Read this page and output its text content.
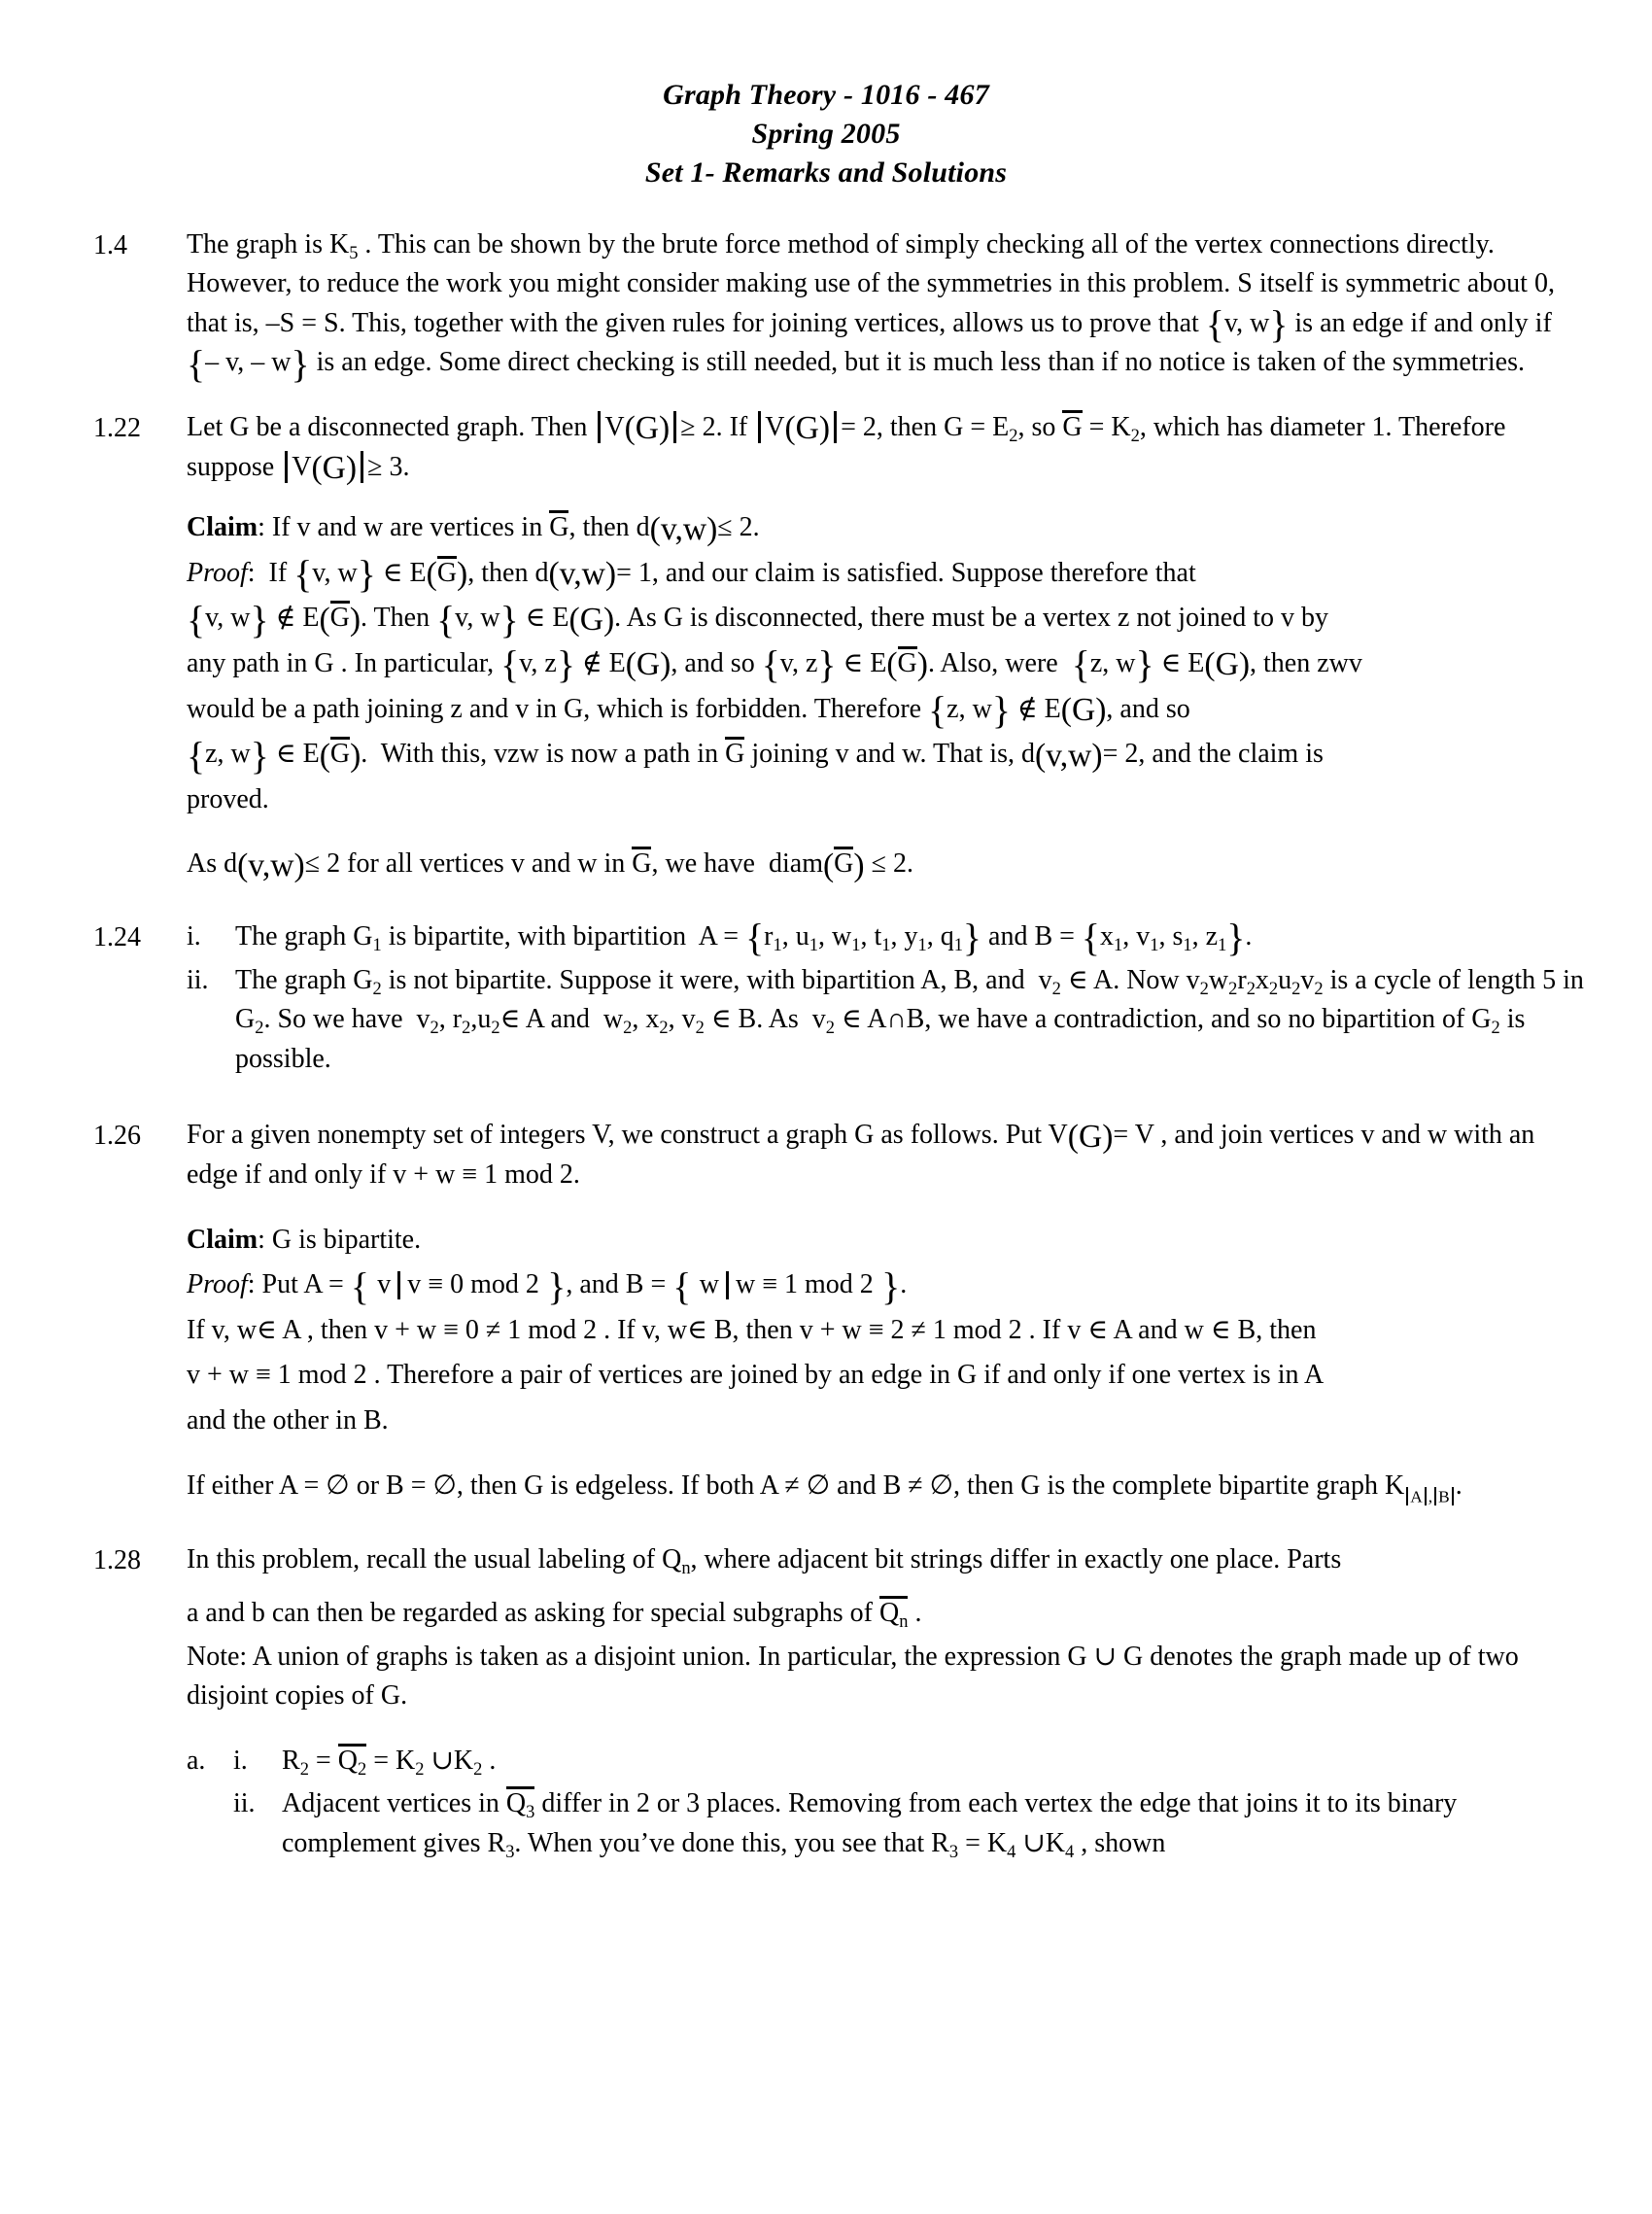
Graph Theory - 1016 - 467
Spring 2005
Set 1- Remarks and Solutions
1.4	The graph is $K_5$ . This can be shown by the brute force method of simply checking all of the vertex connections directly. However, to reduce the work you might consider making use of the symmetries in this problem. S itself is symmetric about 0, that is, –S = S. This, together with the given rules for joining vertices, allows us to prove that {v, w} is an edge if and only if {– v, – w} is an edge. Some direct checking is still needed, but it is much less than if no notice is taken of the symmetries.
1.22	Let G be a disconnected graph. Then V(G) ≥ 2. If V(G) = 2, then $G = E_2$, so $G = K_2$, which has diameter 1. Therefore suppose V(G) ≥ 3.
Claim: If v and w are vertices in G, then d(v,w)≤ 2.
Proof:  If {v, w} ∈ E(G), then d(v,w)= 1, and our claim is satisfied. Suppose therefore that
{v, w} ∉ E(G). Then {v, w} ∈ E(G). As G is disconnected, there must be a vertex z not joined to v by
any path in G . In particular, {v, z} ∉ E(G), and so {v, z} ∈ E(G). Also, were  {z, w} ∈ E(G), then zwv
would be a path joining z and v in G, which is forbidden. Therefore {z, w} ∉ E(G), and so
{z, w} ∈ E(G).  With this, vzw is now a path in G joining v and w. That is, d(v,w)= 2, and the claim is
proved.
As d(v,w)≤ 2 for all vertices v and w in G, we have  diam(G) ≤ 2.
1.24	i.	The graph $G_1$ is bipartite, with bipartition  $A = \{r_1$, $u_1$, $w_1$, $t_1$, $y_1$, $q_1$} and $B = \{x_1$, $v_1$, $s_1$, $z_1$}.
ii. The graph $G_2$ is not bipartite. Suppose it were, with bipartition A, B, and  $v_2$ ∈ A. Now $v_2w_2r_2x_2u_2v_2$ is a cycle of length 5 in $G_2$. So we have  $v_2$, $r_2,u_2\in$ A and  $w_2$, $x_2$, $v_2$ ∈ B. As  $v_2$ ∈ A∩B, we have a contradiction, and so no bipartition of $G_2$ is possible.
1.26	For a given nonempty set of integers V, we construct a graph G as follows. Put V(G)= V , and join vertices v and w with an edge if and only if v + w ≡ 1 mod 2.
Claim: G is bipartite.
Proof: Put A = { v v ≡ 0 mod 2 }, and B = { w w ≡ 1 mod 2 }.
If v, w∈ A , then v + w ≡ 0 ≠ 1 mod 2 . If v, w∈ B, then v + w ≡ 2 ≠ 1 mod 2 . If v ∈ A and w ∈ B, then
v + w ≡ 1 mod 2 . Therefore a pair of vertices are joined by an edge in G if and only if one vertex is in A
and the other in B.
If either A = ∅ or B = ∅, then G is edgeless. If both A ≠ ∅ and B ≠ ∅, then G is the complete bipartite graph K A , B .
1.28	In this problem, recall the usual labeling of $Q_n$, where adjacent bit strings differ in exactly one place. Parts
a and b can then be regarded as asking for special subgraphs of $Q_n$ .
Note: A union of graphs is taken as a disjoint union. In particular, the expression G ∪ G denotes the graph made up of two disjoint copies of G.
a.	i.	$R_2 = Q_2 = K_2$ $\cup K_2$ .
ii. Adjacent vertices in $Q_3$ differ in 2 or 3 places. Removing from each vertex the edge that joins it to its binary complement gives $R_3$. When you’ve done this, you see that $R_3 = K_4$ $\cup K_4$ , shown
